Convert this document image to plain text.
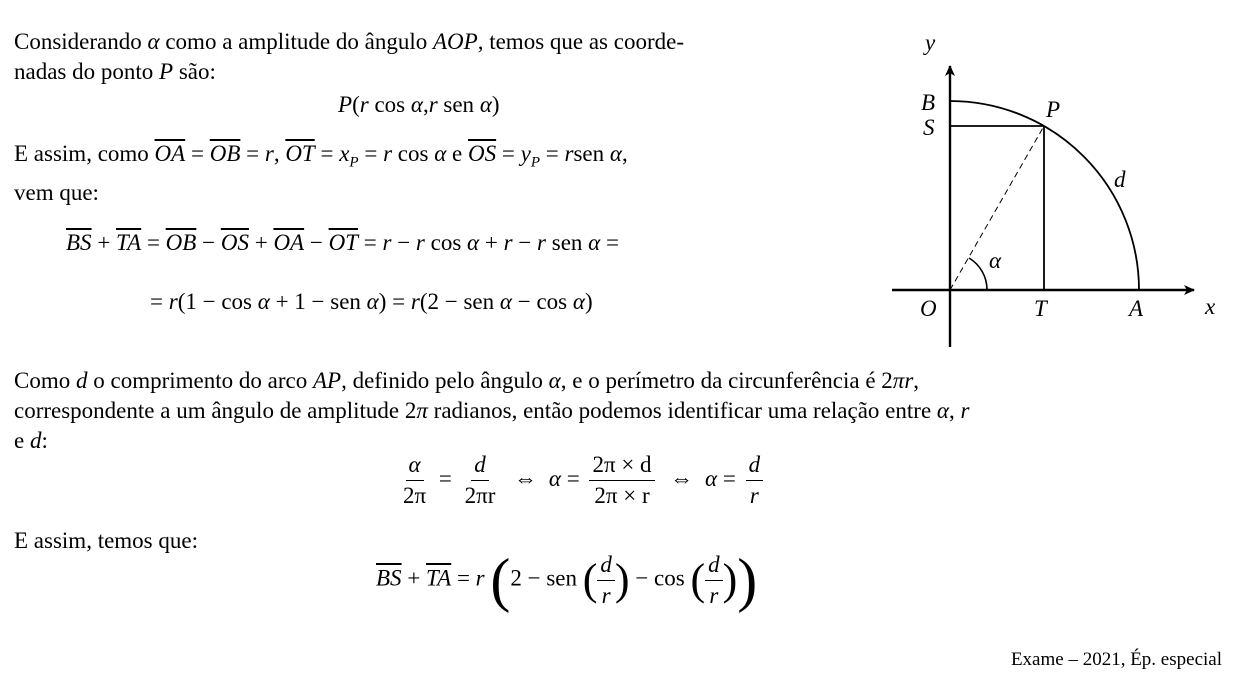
Considerando α como a amplitude do ângulo AOP, temos que as coorde-
nadas do ponto P são:
P(r cos α,r sen α)
E assim, como $\overline{OA} = \overline{OB} = r$, $\overline{OT} = x_P = r$ cos α e $\overline{OS} = y_P$ = rsen α,
vem que:
$\overline{BS} + \overline{TA} = \overline{OB} - \overline{OS} + \overline{OA} - \overline{OT} = r - r$ cos α + r − r sen α =
= r(1 − cos α + 1 − sen α) = r(2 − sen α − cos α)
y
x
O	T	A
B
S
P
d
α
Como d o comprimento do arco AP, definido pelo ângulo α, e o perímetro da circunferência é 2πr,
correspondente a um ângulo de amplitude 2π radianos, então podemos identificar uma relação entre α, r
e d:
$\frac{\alpha}{2\pi} = \frac{d}{2\pi r}$ ⇔ $\alpha = \frac{2\pi \times d}{2\pi \times r}$ ⇔ $\alpha = \frac{d}{r}$
E assim, temos que:
$\overline{BS} + \overline{TA} = r$ (2 − sen ( $\frac{d}{r}$ ) − cos ( $\frac{d}{r}$ ))
Exame – 2021, Ép. especial
